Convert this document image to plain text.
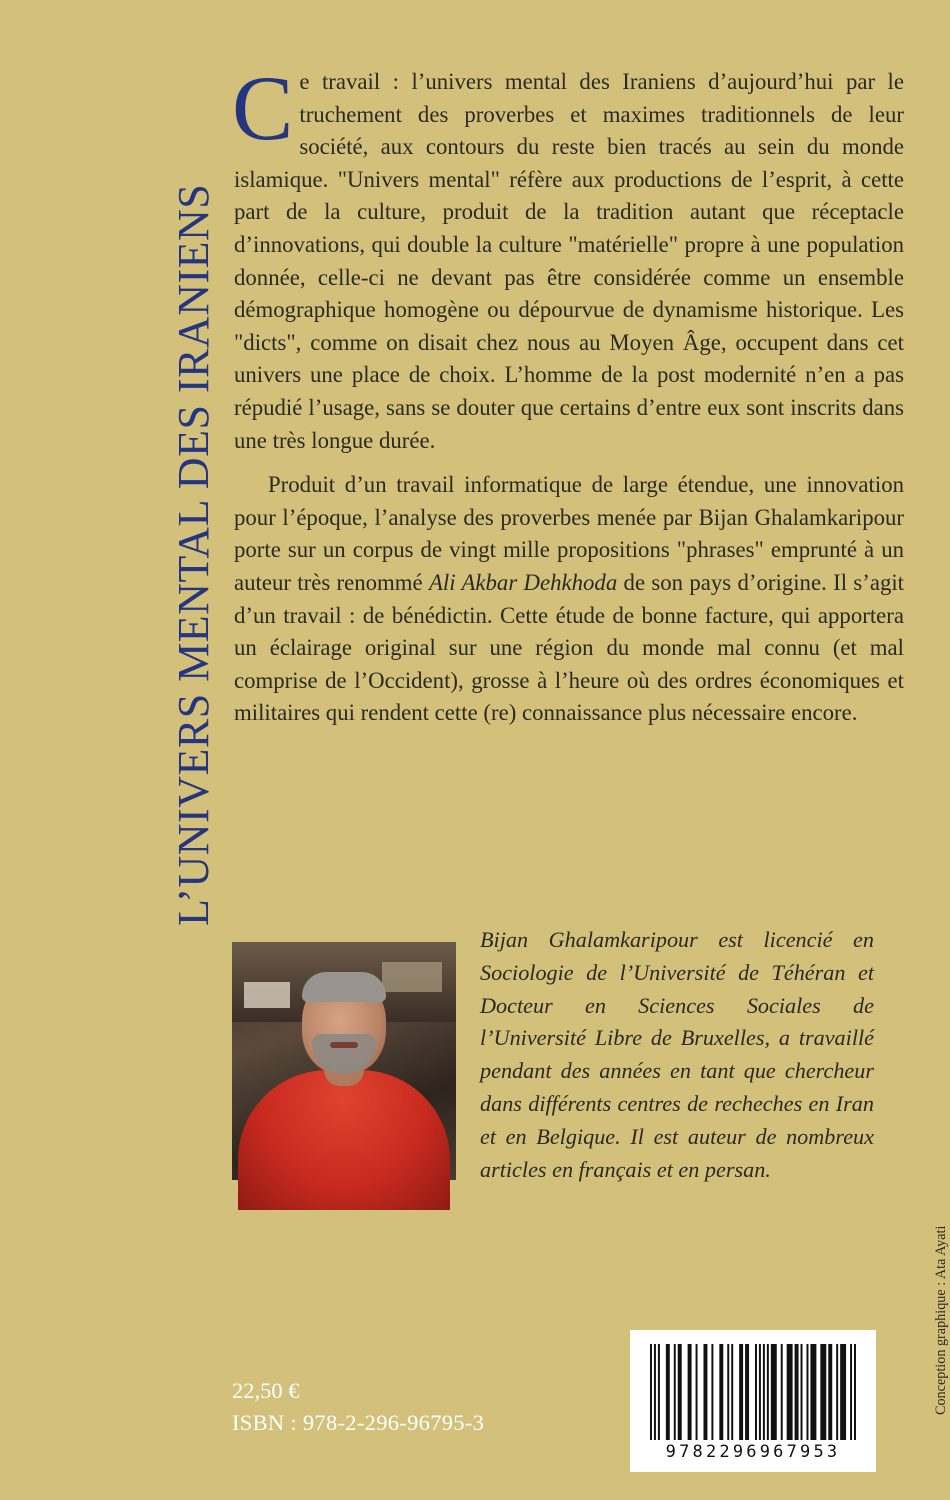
L’UNIVERS MENTAL DES IRANIENS

Ce travail : l’univers mental des Iraniens d’aujourd’hui par le truchement des proverbes et maximes traditionnels de leur société, aux contours du reste bien tracés au sein du monde islamique. "Univers mental" réfère aux productions de l’esprit, à cette part de la culture, produit de la tradition autant que réceptacle d’innovations, qui double la culture "matérielle" propre à une population donnée, celle-ci ne devant pas être considérée comme un ensemble démographique homogène ou dépourvue de dynamisme historique. Les "dicts", comme on disait chez nous au Moyen Âge, occupent dans cet univers une place de choix. L’homme de la post modernité n’en a pas répudié l’usage, sans se douter que certains d’entre eux sont inscrits dans une très longue durée.

Produit d’un travail informatique de large étendue, une innovation pour l’époque, l’analyse des proverbes menée par Bijan Ghalamkaripour porte sur un corpus de vingt mille propositions "phrases" emprunté à un auteur très renommé Ali Akbar Dehkhoda de son pays d’origine. Il s’agit d’un travail : de bénédictin. Cette étude de bonne facture, qui apportera un éclairage original sur une région du monde mal connu (et mal comprise de l’Occident), grosse à l’heure où des ordres économiques et militaires qui rendent cette (re) connaissance plus nécessaire encore.

Bijan Ghalamkaripour est licencié en Sociologie de l’Université de Téhéran et Docteur en Sciences Sociales de l’Université Libre de Bruxelles, a travaillé pendant des années en tant que chercheur dans différents centres de recheches en Iran et en Belgique. Il est auteur de nombreux articles en français et en persan.

Conception graphique : Ata Ayati
22,50 €
ISBN : 978-2-296-96795-3
9782296967953
